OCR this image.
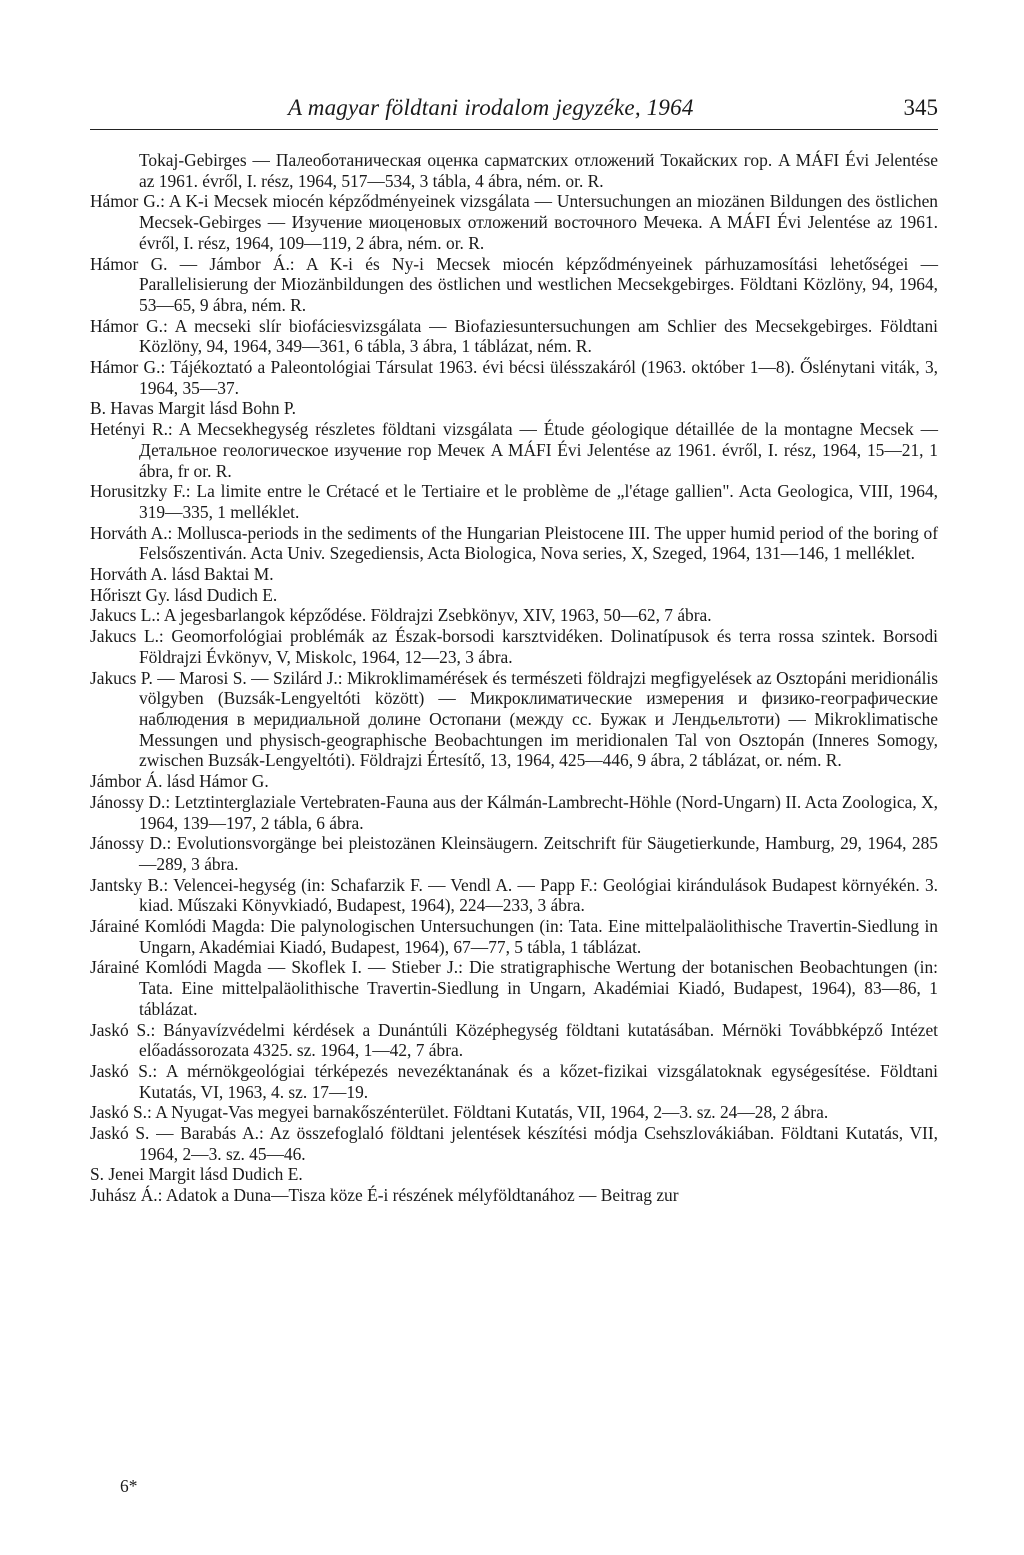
A magyar földtani irodalom jegyzéke, 1964	345

Tokaj-Gebirges — Палеоботаническая оценка сарматских отложений Токайских гор. A MÁFI Évi Jelentése az 1961. évről, I. rész, 1964, 517—534, 3 tábla, 4 ábra, ném. or. R.

Hámor G.: A K-i Mecsek miocén képződményeinek vizsgálata — Untersuchungen an miozänen Bildungen des östlichen Mecsek-Gebirges — Изучение миоценовых отложений восточного Мечека. A MÁFI Évi Jelentése az 1961. évről, I. rész, 1964, 109—119, 2 ábra, ném. or. R.

Hámor G. — Jámbor Á.: A K-i és Ny-i Mecsek miocén képződményeinek párhuzamosítási lehetőségei — Parallelisierung der Miozänbildungen des östlichen und westlichen Mecsekgebirges. Földtani Közlöny, 94, 1964, 53—65, 9 ábra, ném. R.

Hámor G.: A mecseki slír biofáciesvizsgálata — Biofaziesuntersuchungen am Schlier des Mecsekgebirges. Földtani Közlöny, 94, 1964, 349—361, 6 tábla, 3 ábra, 1 táblázat, ném. R.

Hámor G.: Tájékoztató a Paleontológiai Társulat 1963. évi bécsi ülésszakáról (1963. október 1—8). Őslénytani viták, 3, 1964, 35—37.

B. Havas Margit lásd Bohn P.

Hetényi R.: A Mecsekhegység részletes földtani vizsgálata — Étude géologique détaillée de la montagne Mecsek — Детальное геологическое изучение гор Мечек A MÁFI Évi Jelentése az 1961. évről, I. rész, 1964, 15—21, 1 ábra, fr or. R.

Horusitzky F.: La limite entre le Crétacé et le Tertiaire et le problème de „l'étage gallien". Acta Geologica, VIII, 1964, 319—335, 1 melléklet.

Horváth A.: Mollusca-periods in the sediments of the Hungarian Pleistocene III. The upper humid period of the boring of Felsőszentiván. Acta Univ. Szegediensis, Acta Biologica, Nova series, X, Szeged, 1964, 131—146, 1 melléklet.

Horváth A. lásd Baktai M.

Hőriszt Gy. lásd Dudich E.

Jakucs L.: A jegesbarlangok képződése. Földrajzi Zsebkönyv, XIV, 1963, 50—62, 7 ábra.

Jakucs L.: Geomorfológiai problémák az Észak-borsodi karsztvidéken. Dolinatípusok és terra rossa szintek. Borsodi Földrajzi Évkönyv, V, Miskolc, 1964, 12—23, 3 ábra.

Jakucs P. — Marosi S. — Szilárd J.: Mikroklimamérések és természeti földrajzi megfigyelések az Osztopáni meridionális völgyben (Buzsák-Lengyeltóti között) — Микроклиматические измерения и физико-географические наблюдения в меридиальной долине Остопани (между сс. Бужак и Лендьельтоти) — Mikroklimatische Messungen und physisch-geographische Beobachtungen im meridionalen Tal von Osztopán (Inneres Somogy, zwischen Buzsák-Lengyeltóti). Földrajzi Értesítő, 13, 1964, 425—446, 9 ábra, 2 táblázat, or. ném. R.

Jámbor Á. lásd Hámor G.

Jánossy D.: Letztinterglaziale Vertebraten-Fauna aus der Kálmán-Lambrecht-Höhle (Nord-Ungarn) II. Acta Zoologica, X, 1964, 139—197, 2 tábla, 6 ábra.

Jánossy D.: Evolutionsvorgänge bei pleistozänen Kleinsäugern. Zeitschrift für Säugetierkunde, Hamburg, 29, 1964, 285—289, 3 ábra.

Jantsky B.: Velencei-hegység (in: Schafarzik F. — Vendl A. — Papp F.: Geológiai kirándulások Budapest környékén. 3. kiad. Műszaki Könyvkiadó, Budapest, 1964), 224—233, 3 ábra.

Járainé Komlódi Magda: Die palynologischen Untersuchungen (in: Tata. Eine mittelpaläolithische Travertin-Siedlung in Ungarn, Akadémiai Kiadó, Budapest, 1964), 67—77, 5 tábla, 1 táblázat.

Járainé Komlódi Magda — Skoflek I. — Stieber J.: Die stratigraphische Wertung der botanischen Beobachtungen (in: Tata. Eine mittelpaläolithische Travertin-Siedlung in Ungarn, Akadémiai Kiadó, Budapest, 1964), 83—86, 1 táblázat.

Jaskó S.: Bányavízvédelmi kérdések a Dunántúli Középhegység földtani kutatásában. Mérnöki Továbbképző Intézet előadássorozata 4325. sz. 1964, 1—42, 7 ábra.

Jaskó S.: A mérnökgeológiai térképezés nevezéktanának és a kőzet-fizikai vizsgálatoknak egységesítése. Földtani Kutatás, VI, 1963, 4. sz. 17—19.

Jaskó S.: A Nyugat-Vas megyei barnakőszénterület. Földtani Kutatás, VII, 1964, 2—3. sz. 24—28, 2 ábra.

Jaskó S. — Barabás A.: Az összefoglaló földtani jelentések készítési módja Csehszlovákiában. Földtani Kutatás, VII, 1964, 2—3. sz. 45—46.

S. Jenei Margit lásd Dudich E.

Juhász Á.: Adatok a Duna—Tisza köze É-i részének mélyföldtanához — Beitrag zur

6*
